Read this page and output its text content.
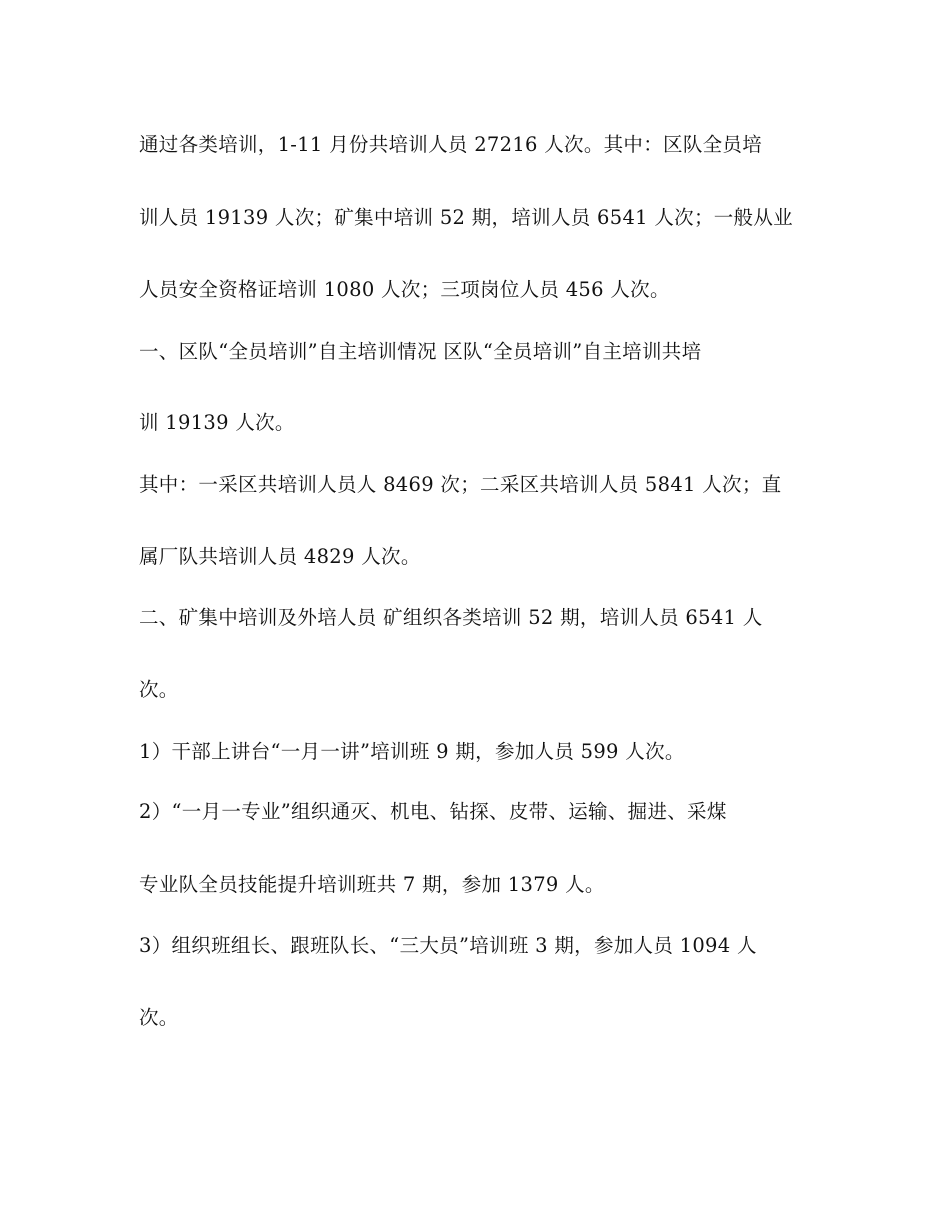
通过各类培训，1-11 月份共培训人员 27216 人次。其中：区队全员培
训人员 19139 人次；矿集中培训 52 期，培训人员 6541 人次；一般从业
人员安全资格证培训 1080 人次；三项岗位人员 456 人次。
一、区队“全员培训”自主培训情况 区队“全员培训”自主培训共培
训 19139 人次。
其中：一采区共培训人员人 8469 次；二采区共培训人员 5841 人次；直
属厂队共培训人员 4829 人次。
二、矿集中培训及外培人员 矿组织各类培训 52 期，培训人员 6541 人
次。
1）干部上讲台“一月一讲”培训班 9 期，参加人员 599 人次。
2）“一月一专业”组织通灭、机电、钻探、皮带、运输、掘进、采煤
专业队全员技能提升培训班共 7 期，参加 1379 人。
3）组织班组长、跟班队长、“三大员”培训班 3 期，参加人员 1094 人
次。
